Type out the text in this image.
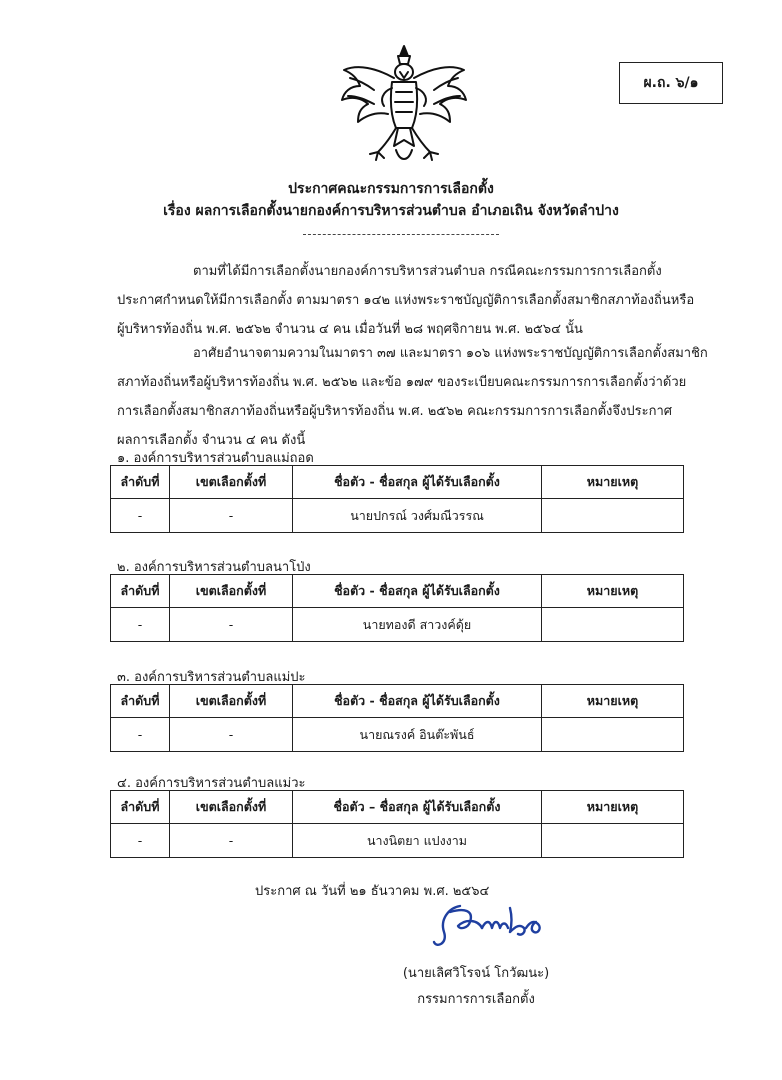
ผ.ถ. ๖/๑
ประกาศคณะกรรมการการเลือกตั้ง
เรื่อง ผลการเลือกตั้งนายกองค์การบริหารส่วนตำบล อำเภอเถิน จังหวัดลำปาง
ตามที่ได้มีการเลือกตั้งนายกองค์การบริหารส่วนตำบล กรณีคณะกรรมการการเลือกตั้ง
ประกาศกำหนดให้มีการเลือกตั้ง ตามมาตรา ๑๔๒ แห่งพระราชบัญญัติการเลือกตั้งสมาชิกสภาท้องถิ่นหรือ
ผู้บริหารท้องถิ่น พ.ศ. ๒๕๖๒ จำนวน ๔ คน เมื่อวันที่ ๒๘ พฤศจิกายน พ.ศ. ๒๕๖๔ นั้น
อาศัยอำนาจตามความในมาตรา ๓๗ และมาตรา ๑๐๖ แห่งพระราชบัญญัติการเลือกตั้งสมาชิก
สภาท้องถิ่นหรือผู้บริหารท้องถิ่น พ.ศ. ๒๕๖๒ และข้อ ๑๗๙ ของระเบียบคณะกรรมการการเลือกตั้งว่าด้วย
การเลือกตั้งสมาชิกสภาท้องถิ่นหรือผู้บริหารท้องถิ่น พ.ศ. ๒๕๖๒ คณะกรรมการการเลือกตั้งจึงประกาศ
ผลการเลือกตั้ง จำนวน ๔ คน ดังนี้
๑. องค์การบริหารส่วนตำบลแม่ถอด
ลำดับที่	เขตเลือกตั้งที่	ชื่อตัว - ชื่อสกุล ผู้ได้รับเลือกตั้ง	หมายเหตุ
-	-	นายปกรณ์ วงศ์มณีวรรณ	
๒. องค์การบริหารส่วนตำบลนาโป่ง
ลำดับที่	เขตเลือกตั้งที่	ชื่อตัว - ชื่อสกุล ผู้ได้รับเลือกตั้ง	หมายเหตุ
-	-	นายทองดี สาวงค์ดุ้ย	
๓. องค์การบริหารส่วนตำบลแม่ปะ
ลำดับที่	เขตเลือกตั้งที่	ชื่อตัว - ชื่อสกุล ผู้ได้รับเลือกตั้ง	หมายเหตุ
-	-	นายณรงค์ อินต๊ะพันธ์	
๔. องค์การบริหารส่วนตำบลแม่วะ
ลำดับที่	เขตเลือกตั้งที่	ชื่อตัว – ชื่อสกุล ผู้ได้รับเลือกตั้ง	หมายเหตุ
-	-	นางนิตยา แปงงาม	
ประกาศ ณ วันที่ ๒๑ ธันวาคม พ.ศ. ๒๕๖๔
(นายเลิศวิโรจน์ โกวัฒนะ)
กรรมการการเลือกตั้ง
